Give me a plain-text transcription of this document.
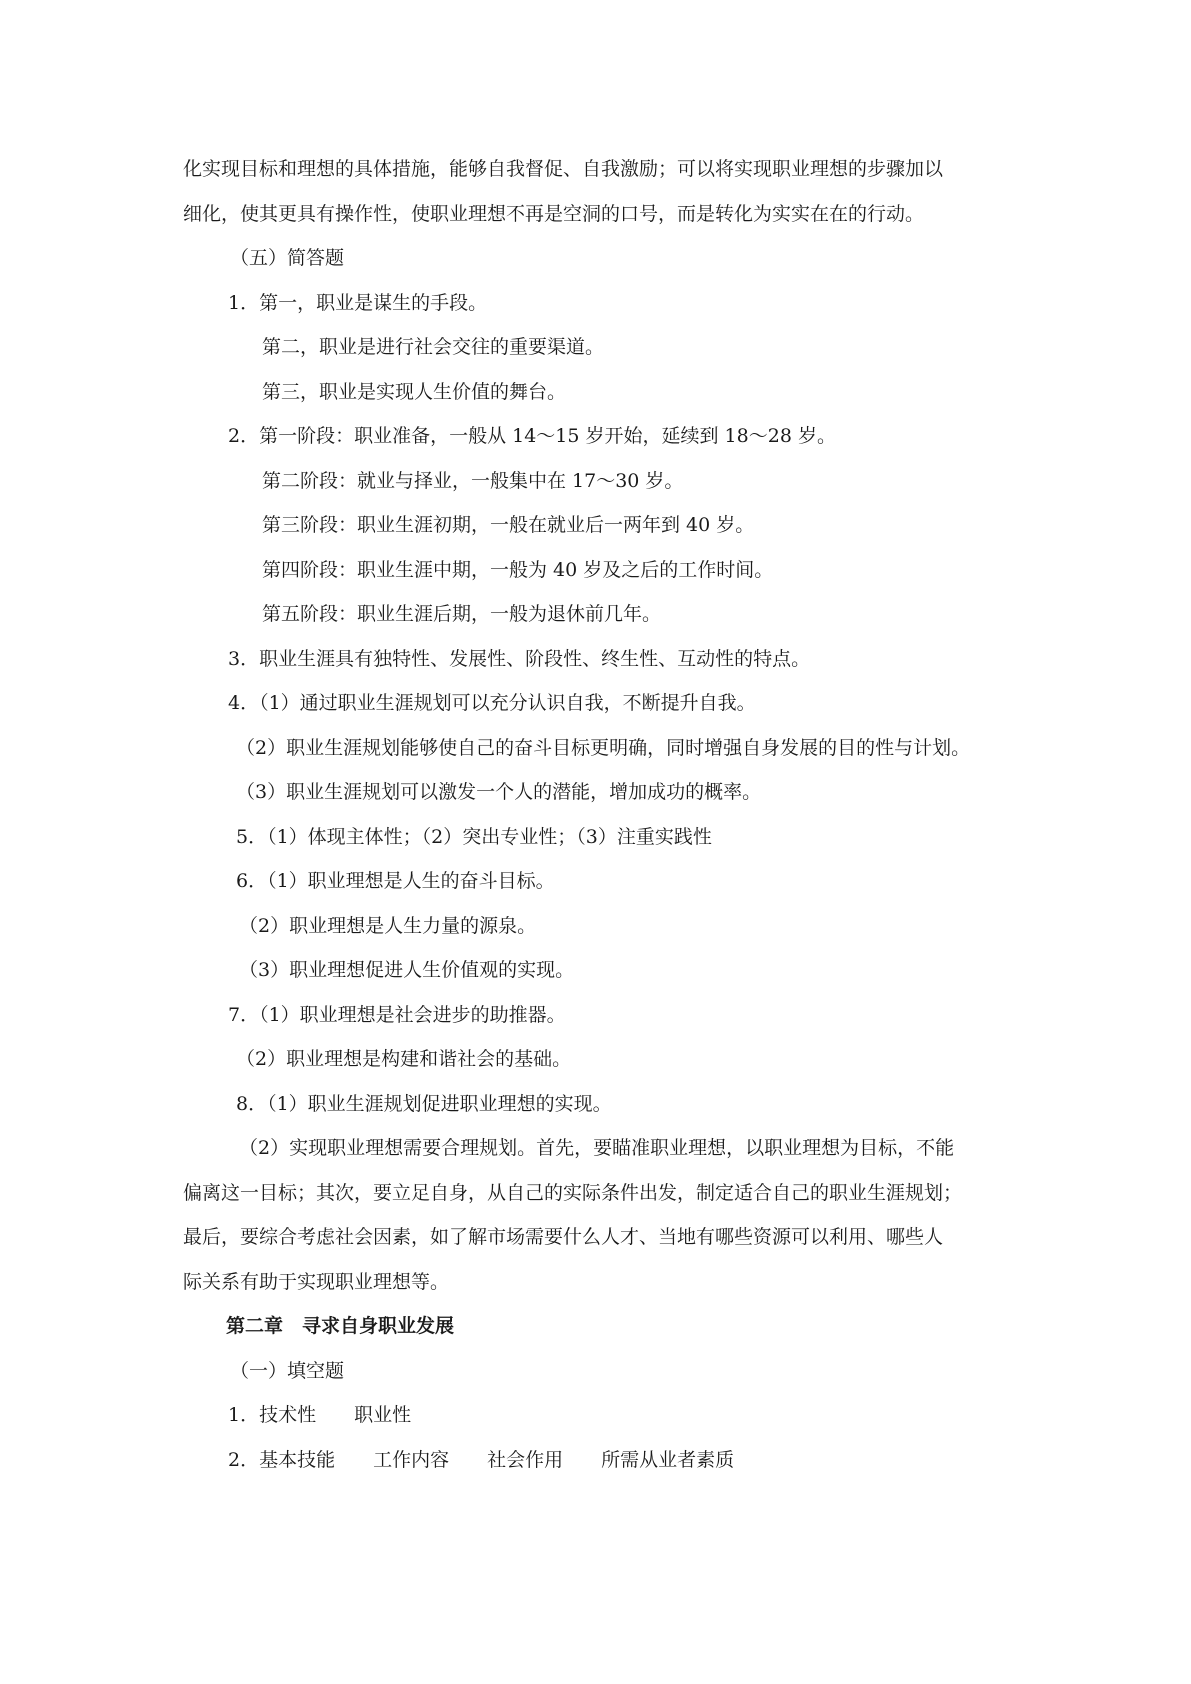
化实现目标和理想的具体措施，能够自我督促、自我激励；可以将实现职业理想的步骤加以
细化，使其更具有操作性，使职业理想不再是空洞的口号，而是转化为实实在在的行动。
（五）简答题
1．第一，职业是谋生的手段。
第二，职业是进行社会交往的重要渠道。
第三，职业是实现人生价值的舞台。
2．第一阶段：职业准备，一般从 14～15 岁开始，延续到 18～28 岁。
第二阶段：就业与择业，一般集中在 17～30 岁。
第三阶段：职业生涯初期，一般在就业后一两年到 40 岁。
第四阶段：职业生涯中期，一般为 40 岁及之后的工作时间。
第五阶段：职业生涯后期，一般为退休前几年。
3．职业生涯具有独特性、发展性、阶段性、终生性、互动性的特点。
4．（1）通过职业生涯规划可以充分认识自我，不断提升自我。
（2）职业生涯规划能够使自己的奋斗目标更明确，同时增强自身发展的目的性与计划。
（3）职业生涯规划可以激发一个人的潜能，增加成功的概率。
5．（1）体现主体性；（2）突出专业性；（3）注重实践性
6．（1）职业理想是人生的奋斗目标。
（2）职业理想是人生力量的源泉。
（3）职业理想促进人生价值观的实现。
7．（1）职业理想是社会进步的助推器。
（2）职业理想是构建和谐社会的基础。
8．（1）职业生涯规划促进职业理想的实现。
（2）实现职业理想需要合理规划。首先，要瞄准职业理想，以职业理想为目标，不能
偏离这一目标；其次，要立足自身，从自己的实际条件出发，制定适合自己的职业生涯规划；
最后，要综合考虑社会因素，如了解市场需要什么人才、当地有哪些资源可以利用、哪些人
际关系有助于实现职业理想等。
第二章　寻求自身职业发展
（一）填空题
1．技术性　　职业性
2．基本技能　　工作内容　　社会作用　　所需从业者素质
